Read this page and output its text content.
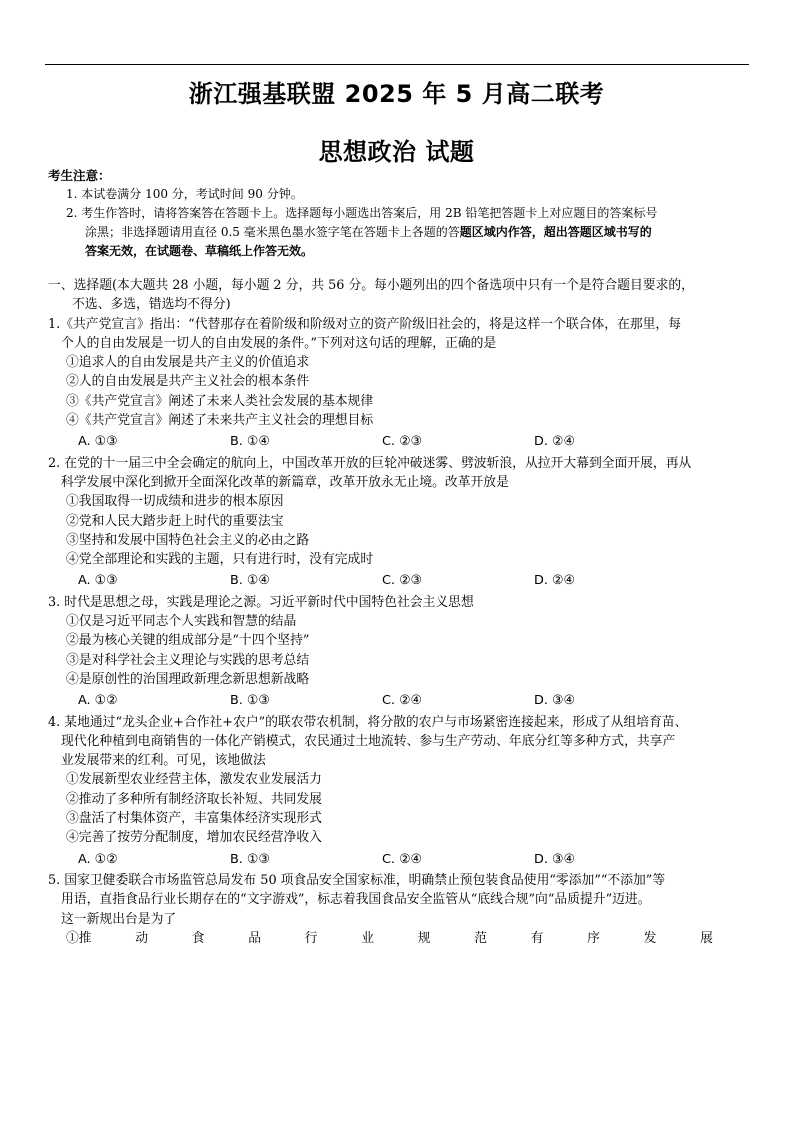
浙江强基联盟 2025 年 5 月高二联考
思想政治 试题
考生注意：
1. 本试卷满分 100 分，考试时间 90 分钟。
2. 考生作答时，请将答案答在答题卡上。选择题每小题选出答案后，用 2B 铅笔把答题卡上对应题目的答案标号
涂黑；非选择题请用直径 0.5 毫米黑色墨水签字笔在答题卡上各题的答题区域内作答，超出答题区域书写的
答案无效，在试题卷、草稿纸上作答无效。
一、选择题(本大题共 28 小题，每小题 2 分，共 56 分。每小题列出的四个备选项中只有一个是符合题目要求的，
不选、多选，错选均不得分)
1.《共产党宣言》指出：“代替那存在着阶级和阶级对立的资产阶级旧社会的，将是这样一个联合体，在那里，每
个人的自由发展是一切人的自由发展的条件。”下列对这句话的理解，正确的是
①追求人的自由发展是共产主义的价值追求
②人的自由发展是共产主义社会的根本条件
③《共产党宣言》阐述了未来人类社会发展的基本规律
④《共产党宣言》阐述了未来共产主义社会的理想目标
A. ①③	B. ①④	C. ②③	D. ②④
2. 在党的十一届三中全会确定的航向上，中国改革开放的巨轮冲破迷雾、劈波斩浪，从拉开大幕到全面开展，再从
科学发展中深化到掀开全面深化改革的新篇章，改革开放永无止境。改革开放是
①我国取得一切成绩和进步的根本原因
②党和人民大踏步赶上时代的重要法宝
③坚持和发展中国特色社会主义的必由之路
④党全部理论和实践的主题，只有进行时，没有完成时
A. ①③	B. ①④	C. ②③	D. ②④
3. 时代是思想之母，实践是理论之源。习近平新时代中国特色社会主义思想
①仅是习近平同志个人实践和智慧的结晶
②最为核心关键的组成部分是“十四个坚持”
③是对科学社会主义理论与实践的思考总结
④是原创性的治国理政新理念新思想新战略
A. ①②	B. ①③	C. ②④	D. ③④
4. 某地通过“龙头企业+合作社+农户”的联农带农机制，将分散的农户与市场紧密连接起来，形成了从组培育苗、
现代化种植到电商销售的一体化产销模式，农民通过土地流转、参与生产劳动、年底分红等多种方式，共享产
业发展带来的红利。可见，该地做法
①发展新型农业经营主体，激发农业发展活力
②推动了多种所有制经济取长补短、共同发展
③盘活了村集体资产，丰富集体经济实现形式
④完善了按劳分配制度，增加农民经营净收入
A. ①②	B. ①③	C. ②④	D. ③④
5. 国家卫健委联合市场监管总局发布 50 项食品安全国家标准，明确禁止预包装食品使用“零添加”“不添加”等
用语，直指食品行业长期存在的“文字游戏”，标志着我国食品安全监管从“底线合规”向“品质提升”迈进。
这一新规出台是为了
①推	动	食	品	行	业	规	范	有	序	发	展
